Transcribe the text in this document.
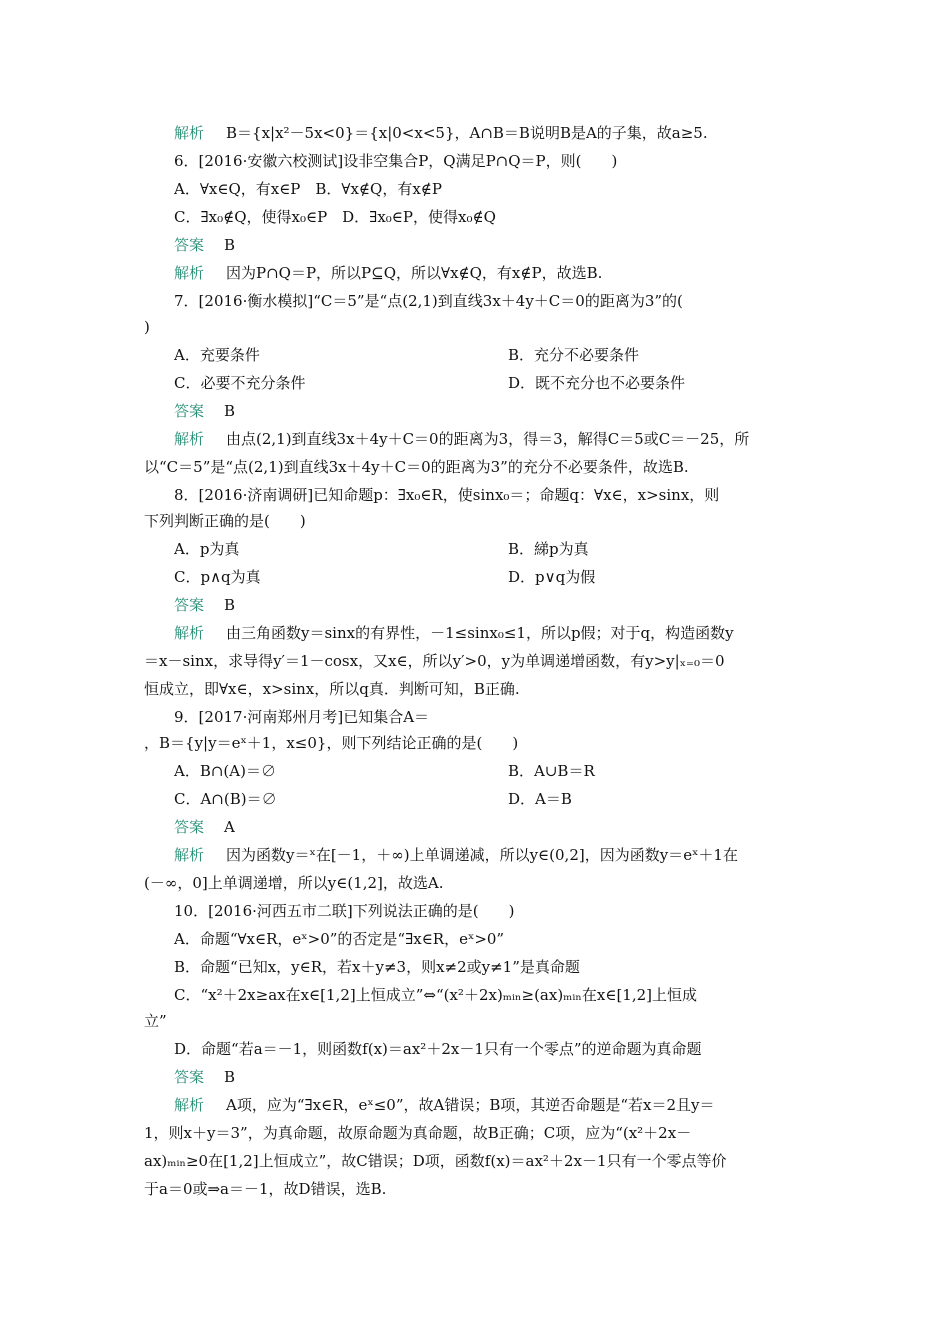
解析 B＝{x|x²－5x<0}＝{x|0<x<5}，A∩B＝B说明B是A的子集，故a≥5.
6．[2016·安徽六校测试]设非空集合P，Q满足P∩Q＝P，则(　　)
A．∀x∈Q，有x∈P　B．∀x∉Q，有x∉P
C．∃x₀∉Q，使得x₀∈P　D．∃x₀∈P，使得x₀∉Q
答案 B
解析 因为P∩Q＝P，所以P⊆Q，所以∀x∉Q，有x∉P，故选B.
7．[2016·衡水模拟]“C＝5”是“点(2,1)到直线3x＋4y＋C＝0的距离为3”的(
)
A．充要条件	B．充分不必要条件
C．必要不充分条件	D．既不充分也不必要条件
答案 B
解析 由点(2,1)到直线3x＋4y＋C＝0的距离为3，得＝3，解得C＝5或C＝－25，所
以“C＝5”是“点(2,1)到直线3x＋4y＋C＝0的距离为3”的充分不必要条件，故选B.
8．[2016·济南调研]已知命题p：∃x₀∈R，使sinx₀＝；命题q：∀x∈，x>sinx，则
下列判断正确的是(　　)
A．p为真	B．綈p为真
C．p∧q为真	D．p∨q为假
答案 B
解析 由三角函数y＝sinx的有界性，－1≤sinx₀≤1，所以p假；对于q，构造函数y
＝x－sinx，求导得y′＝1－cosx，又x∈，所以y′>0，y为单调递增函数，有y>y|ₓ₌₀＝0
恒成立，即∀x∈，x>sinx，所以q真．判断可知，B正确.
9．[2017·河南郑州月考]已知集合A＝
，B＝{y|y＝eˣ＋1，x≤0}，则下列结论正确的是(　　)
A．B∩(A)＝∅	B．A∪B＝R
C．A∩(B)＝∅	D．A＝B
答案 A
解析 因为函数y＝ˣ在[－1，＋∞)上单调递减，所以y∈(0,2]，因为函数y＝eˣ＋1在
(－∞，0]上单调递增，所以y∈(1,2]，故选A.
10．[2016·河西五市二联]下列说法正确的是(　　)
A．命题“∀x∈R，eˣ>0”的否定是“∃x∈R，eˣ>0”
B．命题“已知x，y∈R，若x＋y≠3，则x≠2或y≠1”是真命题
C．“x²＋2x≥ax在x∈[1,2]上恒成立”⇔“(x²＋2x)ₘᵢₙ≥(ax)ₘᵢₙ在x∈[1,2]上恒成
立”
D．命题“若a＝－1，则函数f(x)＝ax²＋2x－1只有一个零点”的逆命题为真命题
答案 B
解析 A项，应为“∃x∈R，eˣ≤0”，故A错误；B项，其逆否命题是“若x＝2且y＝
1，则x＋y＝3”，为真命题，故原命题为真命题，故B正确；C项，应为“(x²＋2x－
ax)ₘᵢₙ≥0在[1,2]上恒成立”，故C错误；D项，函数f(x)＝ax²＋2x－1只有一个零点等价
于a＝0或⇒a＝－1，故D错误，选B.
